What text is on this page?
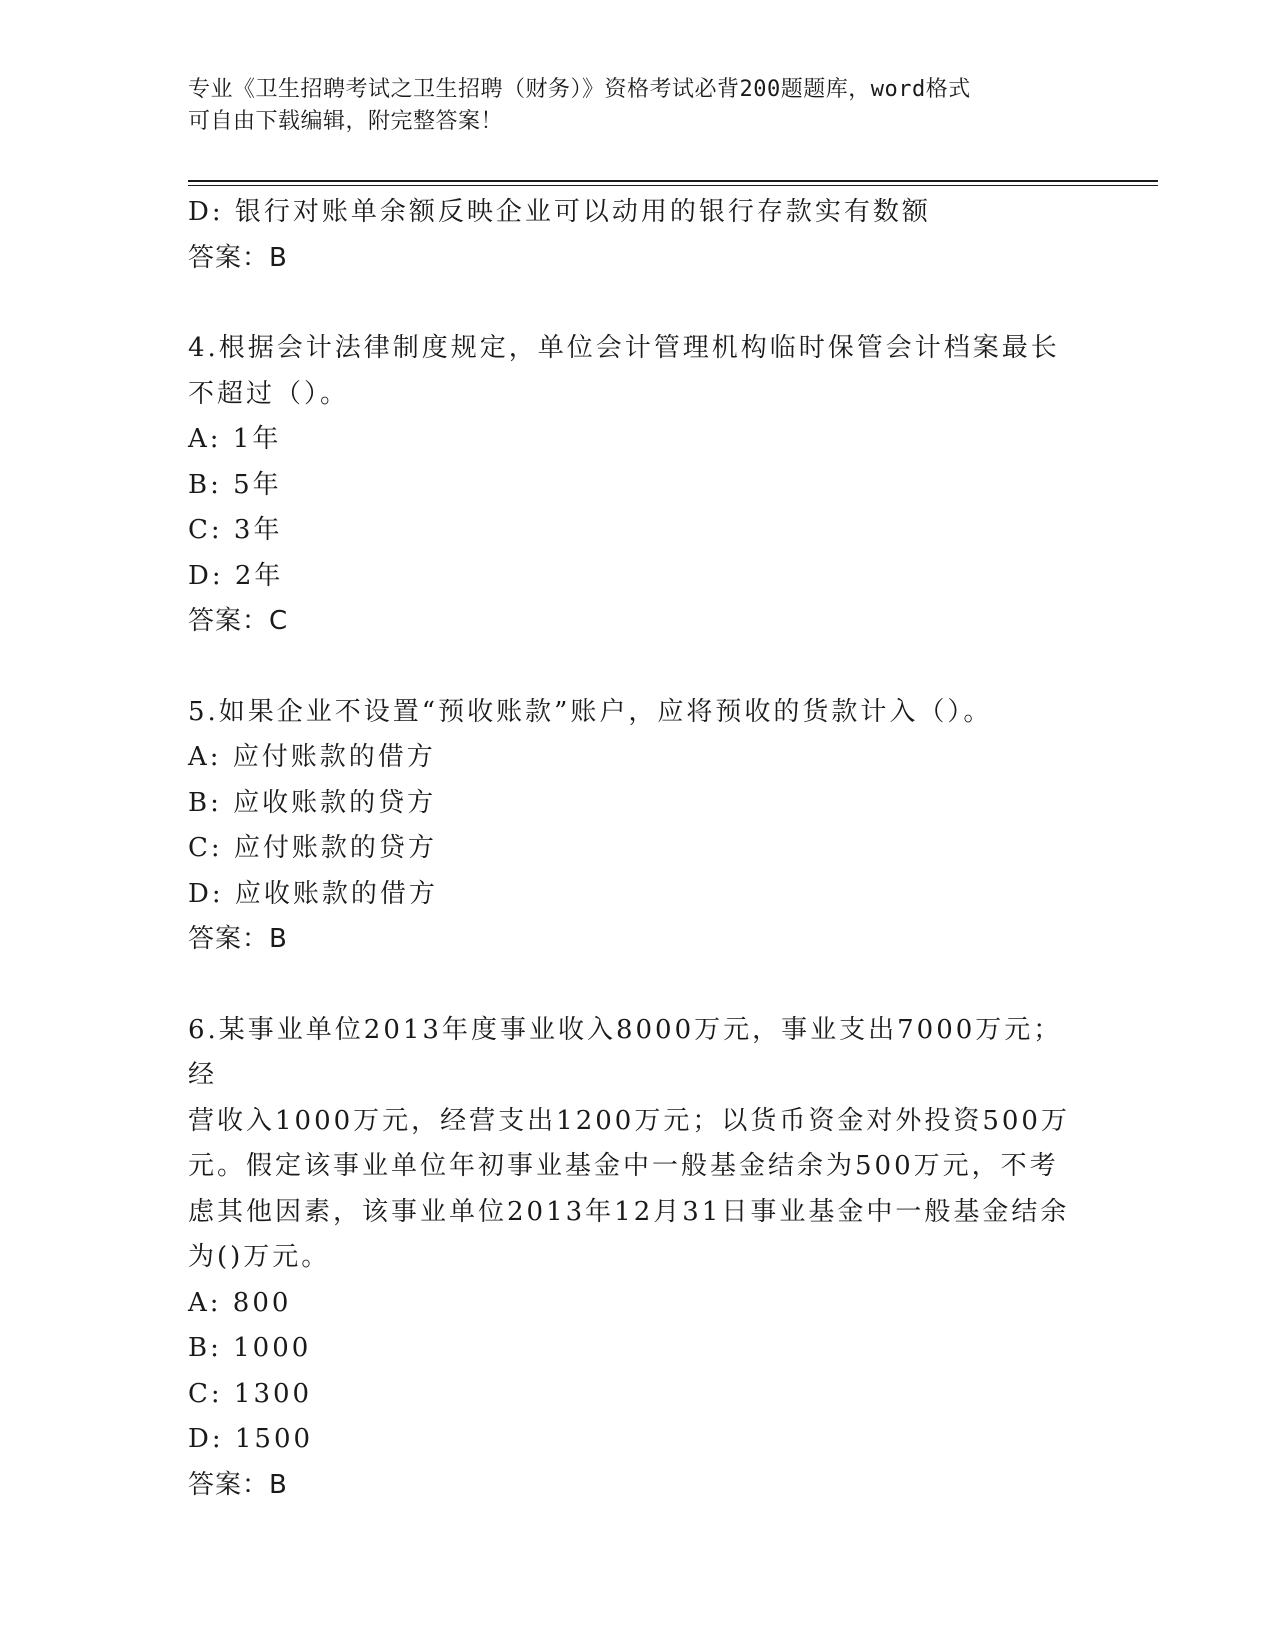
专业《卫生招聘考试之卫生招聘（财务）》资格考试必背200题题库，word格式
可自由下载编辑，附完整答案！
D: 银行对账单余额反映企业可以动用的银行存款实有数额
答案：B
4.根据会计法律制度规定，单位会计管理机构临时保管会计档案最长
不超过（）。
A: 1年
B: 5年
C: 3年
D: 2年
答案：C
5.如果企业不设置“预收账款”账户，应将预收的货款计入（）。
A: 应付账款的借方
B: 应收账款的贷方
C: 应付账款的贷方
D: 应收账款的借方
答案：B
6.某事业单位2013年度事业收入8000万元，事业支出7000万元；经
营收入1000万元，经营支出1200万元；以货币资金对外投资500万
元。假定该事业单位年初事业基金中一般基金结余为500万元，不考
虑其他因素，该事业单位2013年12月31日事业基金中一般基金结余
为()万元。
A: 800
B: 1000
C: 1300
D: 1500
答案：B
